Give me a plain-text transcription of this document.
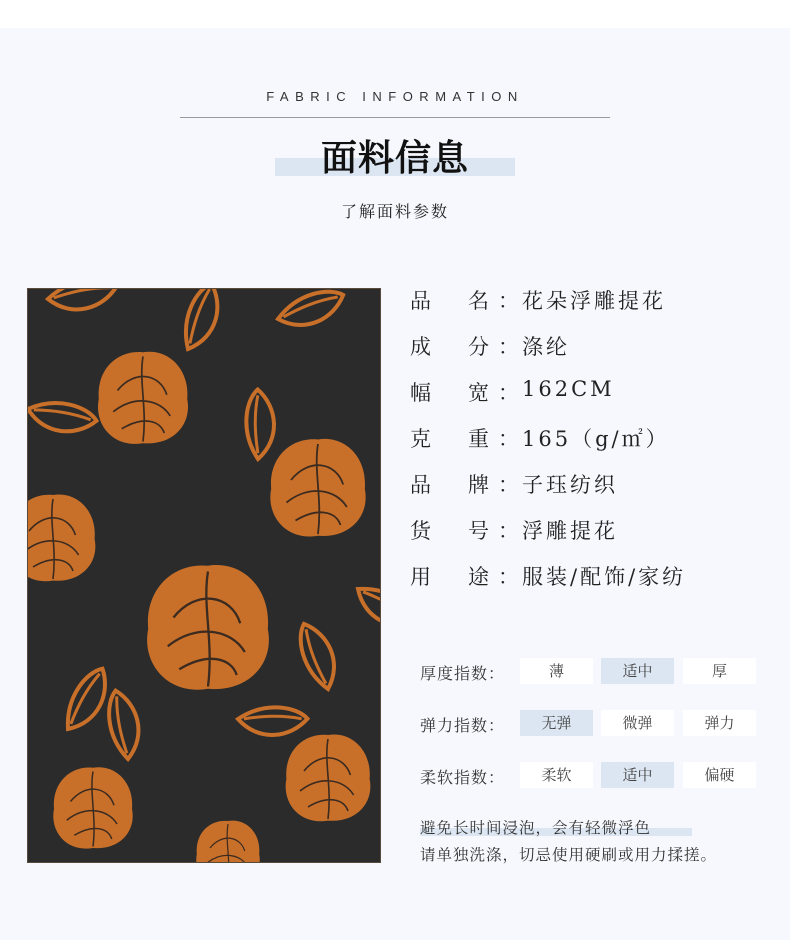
FABRIC INFORMATION
面料信息
了解面料参数
品 名 ： 花朵浮雕提花
成 分 ： 涤纶
幅 宽 ： 162CM
克 重 ： 165（g/㎡）
品 牌 ： 子珏纺织
货 号 ： 浮雕提花
用 途 ： 服装/配饰/家纺
厚度指数：	薄	适中	厚
弹力指数：	无弹	微弹	弹力
柔软指数：	柔软	适中	偏硬
避免长时间浸泡，会有轻微浮色
请单独洗涤，切忌使用硬刷或用力揉搓。
